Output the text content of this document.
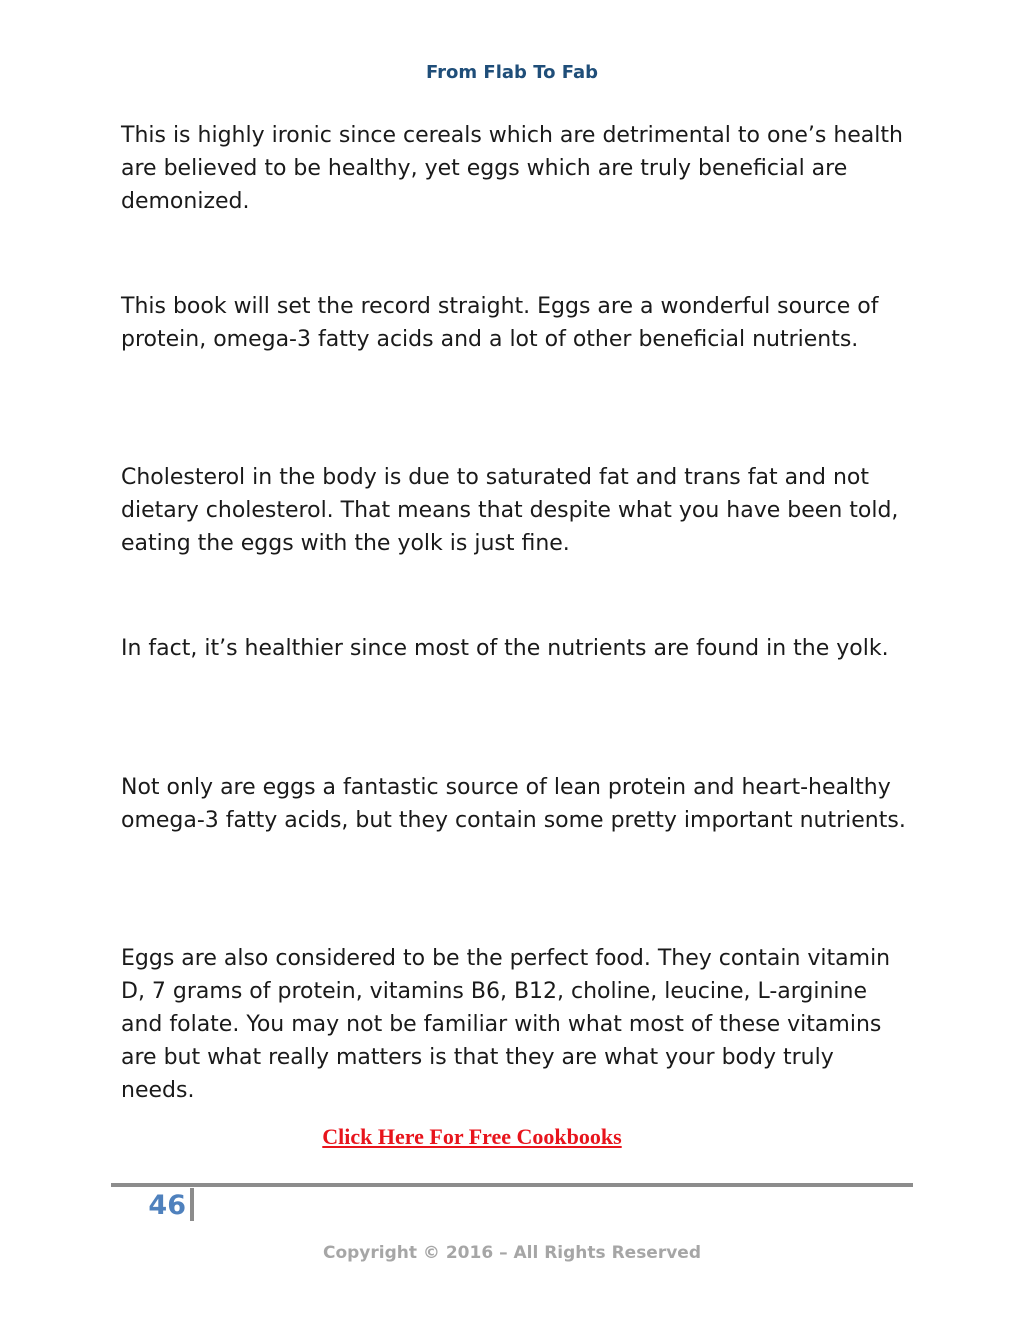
From Flab To Fab

This is highly ironic since cereals which are detrimental to one’s health are believed to be healthy, yet eggs which are truly beneficial are demonized.

This book will set the record straight. Eggs are a wonderful source of protein, omega-3 fatty acids and a lot of other beneficial nutrients.

Cholesterol in the body is due to saturated fat and trans fat and not dietary cholesterol. That means that despite what you have been told, eating the eggs with the yolk is just fine.

In fact, it’s healthier since most of the nutrients are found in the yolk.

Not only are eggs a fantastic source of lean protein and heart-healthy omega-3 fatty acids, but they contain some pretty important nutrients.

Eggs are also considered to be the perfect food. They contain vitamin D, 7 grams of protein, vitamins B6, B12, choline, leucine, L-arginine and folate. You may not be familiar with what most of these vitamins are but what really matters is that they are what your body truly needs.

Click Here For Free Cookbooks
46
Copyright © 2016 – All Rights Reserved
